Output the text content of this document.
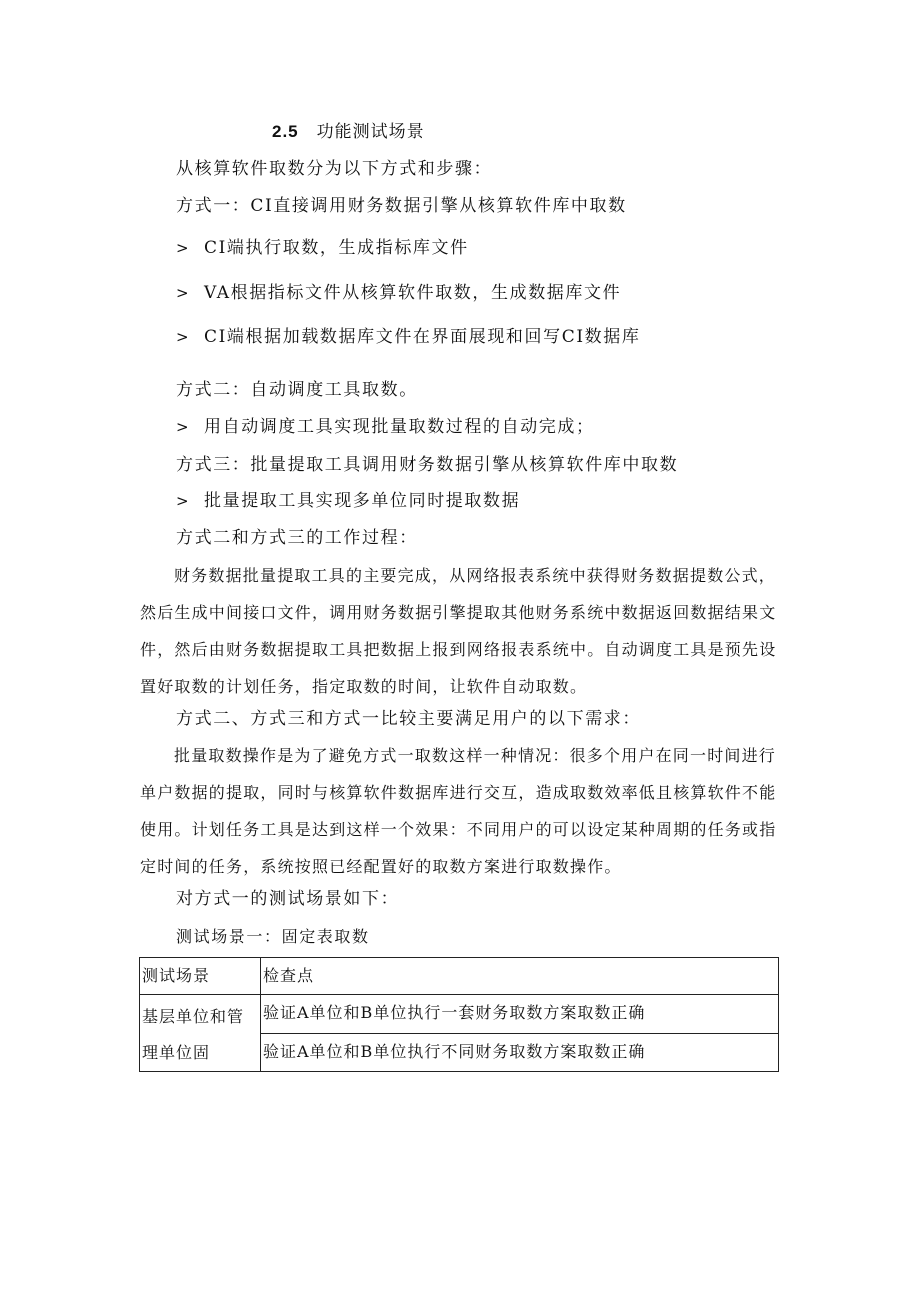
2.5 功能测试场景
从核算软件取数分为以下方式和步骤：
方式一：CI直接调用财务数据引擎从核算软件库中取数
> CI端执行取数，生成指标库文件
> VA根据指标文件从核算软件取数，生成数据库文件
> CI端根据加载数据库文件在界面展现和回写CI数据库
方式二：自动调度工具取数。
> 用自动调度工具实现批量取数过程的自动完成；
方式三：批量提取工具调用财务数据引擎从核算软件库中取数
> 批量提取工具实现多单位同时提取数据
方式二和方式三的工作过程：
财务数据批量提取工具的主要完成，从网络报表系统中获得财务数据提数公式，然后生成中间接口文件，调用财务数据引擎提取其他财务系统中数据返回数据结果文件，然后由财务数据提取工具把数据上报到网络报表系统中。自动调度工具是预先设置好取数的计划任务，指定取数的时间，让软件自动取数。
方式二、方式三和方式一比较主要满足用户的以下需求：
批量取数操作是为了避免方式一取数这样一种情况：很多个用户在同一时间进行单户数据的提取，同时与核算软件数据库进行交互，造成取数效率低且核算软件不能使用。计划任务工具是达到这样一个效果：不同用户的可以设定某种周期的任务或指定时间的任务，系统按照已经配置好的取数方案进行取数操作。
对方式一的测试场景如下：
测试场景一：固定表取数
测试场景	检查点
基层单位和管理单位固	验证A单位和B单位执行一套财务取数方案取数正确
	验证A单位和B单位执行不同财务取数方案取数正确
